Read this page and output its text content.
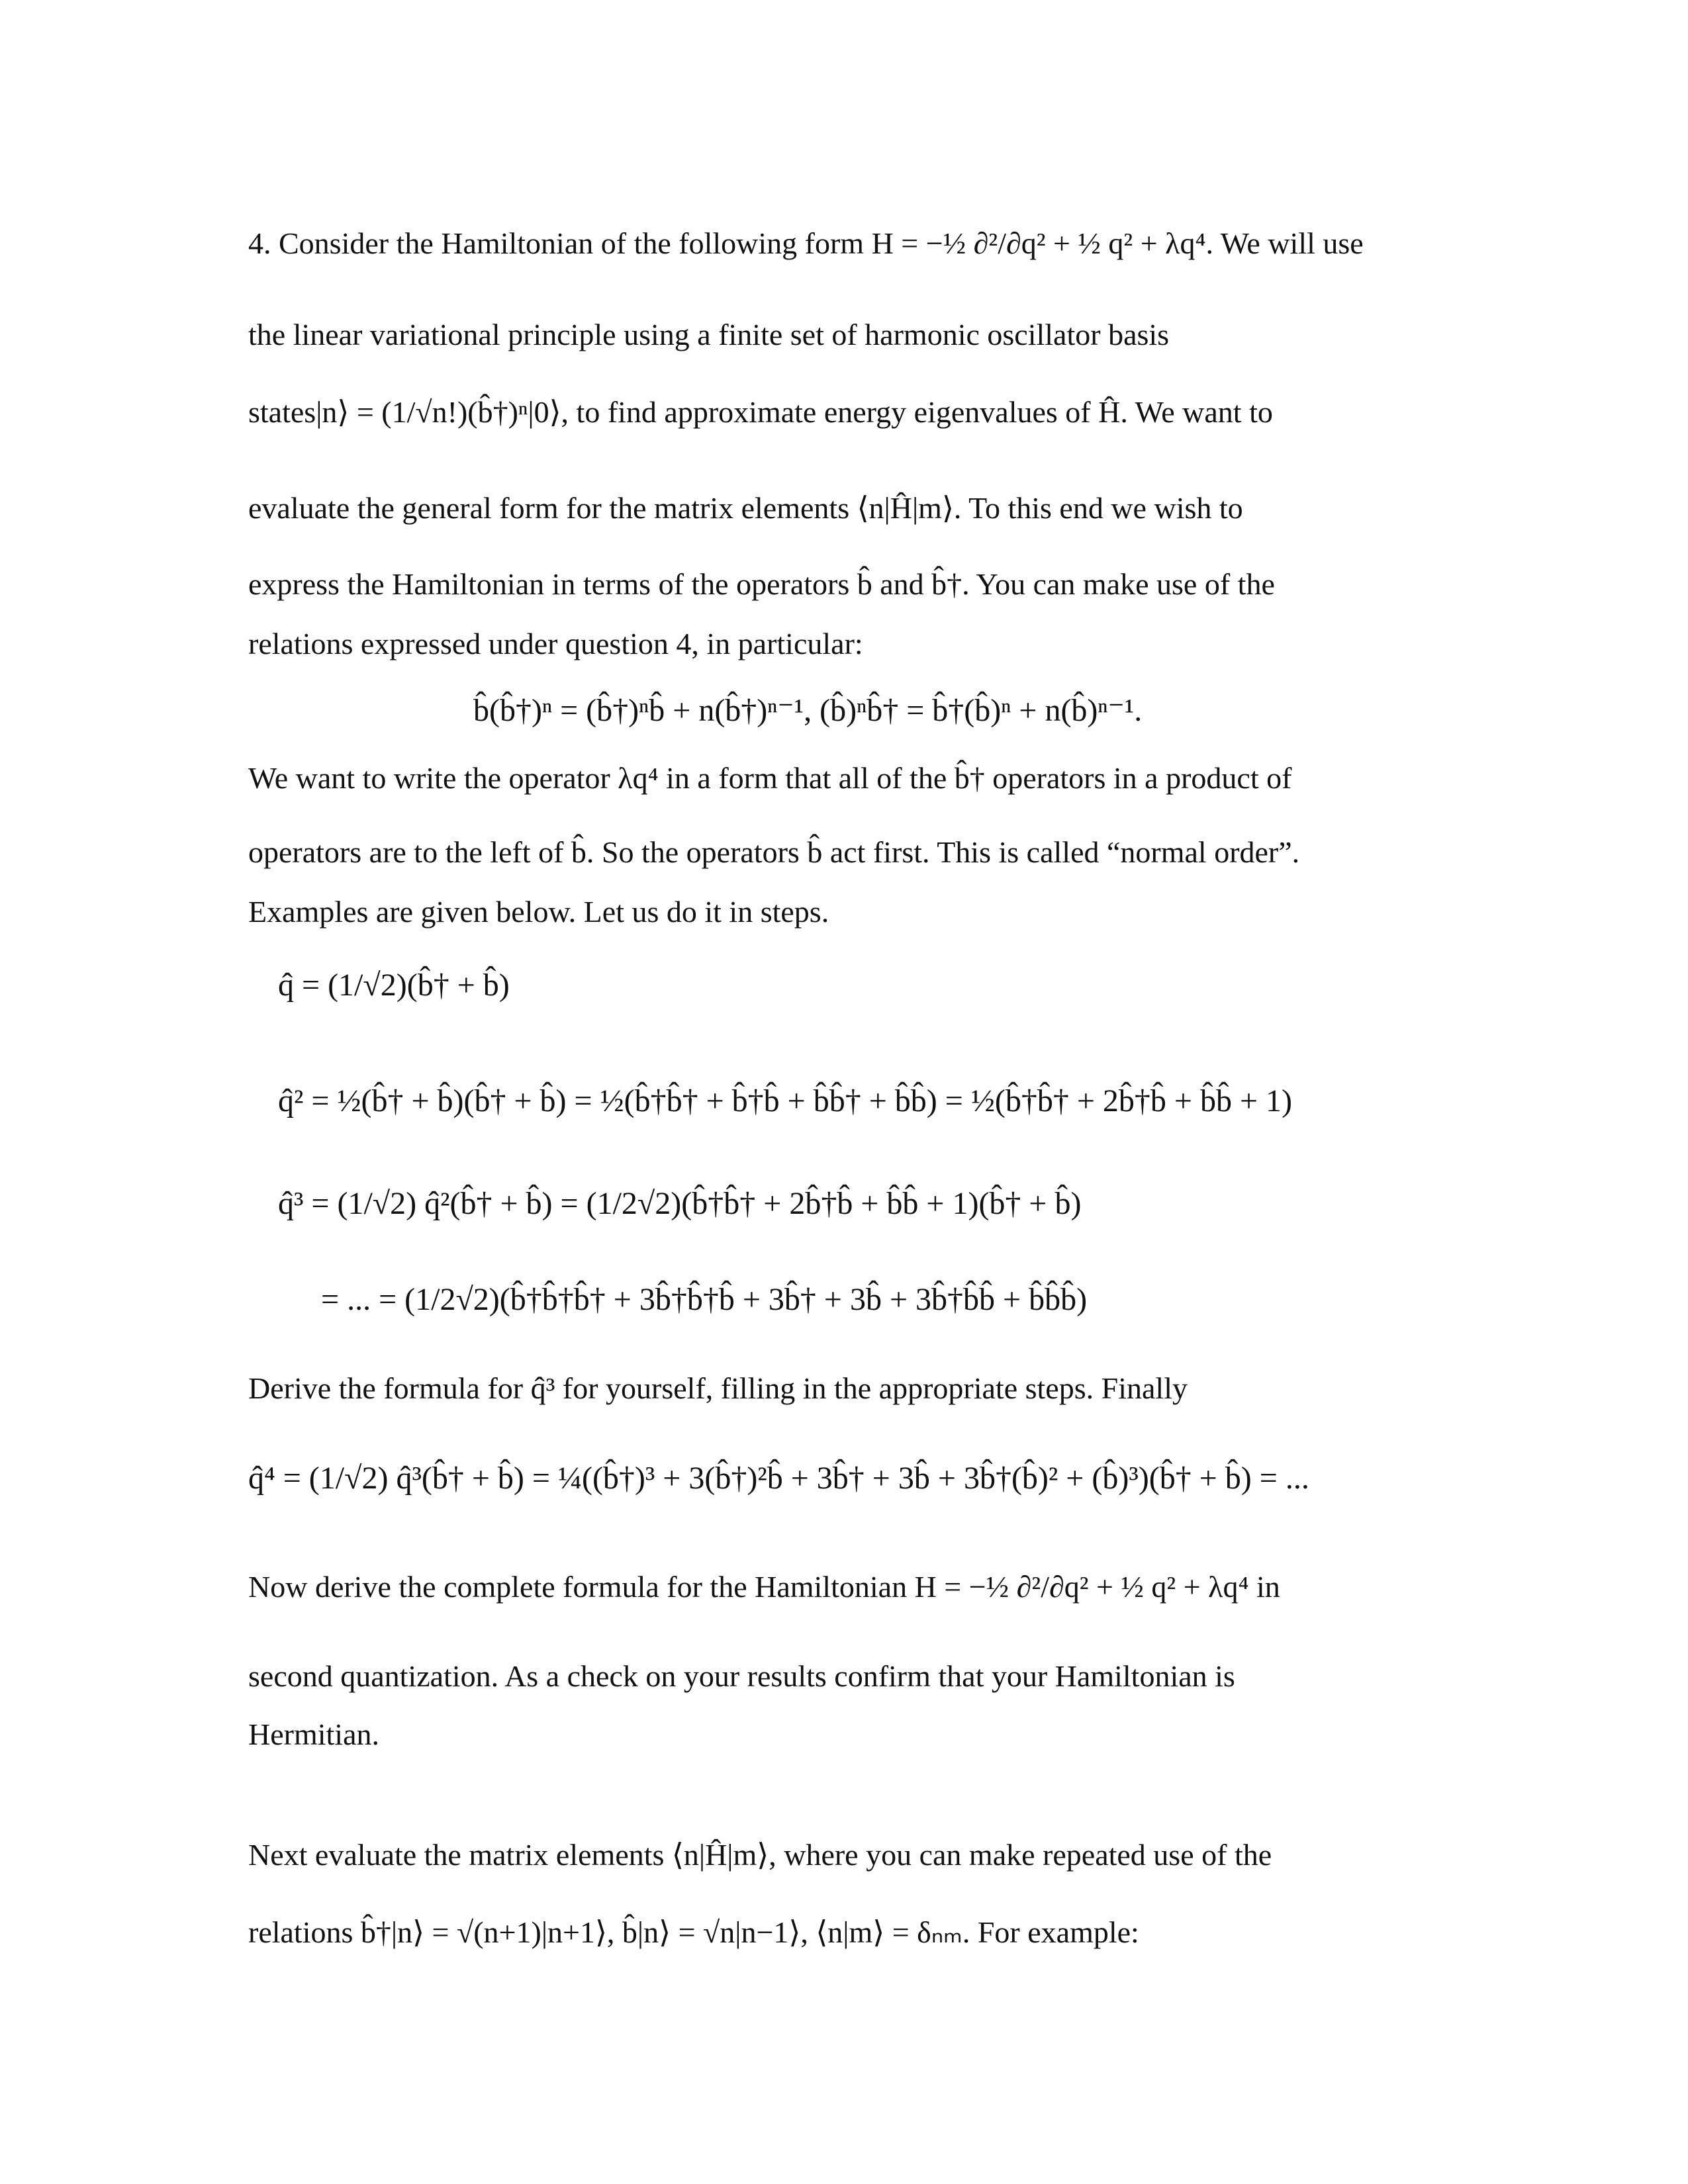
4. Consider the Hamiltonian of the following form H = −½ ∂²/∂q² + ½ q² + λq⁴. We will use
the linear variational principle using a finite set of harmonic oscillator basis
states|n⟩ = (1/√n!)(b̂†)ⁿ|0⟩, to find approximate energy eigenvalues of Ĥ. We want to
evaluate the general form for the matrix elements ⟨n|Ĥ|m⟩. To this end we wish to
express the Hamiltonian in terms of the operators b̂ and b̂†. You can make use of the
relations expressed under question 4, in particular:
b̂(b̂†)ⁿ = (b̂†)ⁿb̂ + n(b̂†)ⁿ⁻¹, (b̂)ⁿb̂† = b̂†(b̂)ⁿ + n(b̂)ⁿ⁻¹.
We want to write the operator λq⁴ in a form that all of the b̂† operators in a product of
operators are to the left of b̂. So the operators b̂ act first. This is called “normal order”.
Examples are given below. Let us do it in steps.
q̂ = (1/√2)(b̂† + b̂)
q̂² = ½(b̂† + b̂)(b̂† + b̂) = ½(b̂†b̂† + b̂†b̂ + b̂b̂† + b̂b̂) = ½(b̂†b̂† + 2b̂†b̂ + b̂b̂ + 1)
q̂³ = (1/√2) q̂²(b̂† + b̂) = (1/2√2)(b̂†b̂† + 2b̂†b̂ + b̂b̂ + 1)(b̂† + b̂)
= ... = (1/2√2)(b̂†b̂†b̂† + 3b̂†b̂†b̂ + 3b̂† + 3b̂ + 3b̂†b̂b̂ + b̂b̂b̂)
Derive the formula for q̂³ for yourself, filling in the appropriate steps. Finally
q̂⁴ = (1/√2) q̂³(b̂† + b̂) = ¼((b̂†)³ + 3(b̂†)²b̂ + 3b̂† + 3b̂ + 3b̂†(b̂)² + (b̂)³)(b̂† + b̂) = ...
Now derive the complete formula for the Hamiltonian H = −½ ∂²/∂q² + ½ q² + λq⁴ in
second quantization. As a check on your results confirm that your Hamiltonian is
Hermitian.
Next evaluate the matrix elements ⟨n|Ĥ|m⟩, where you can make repeated use of the
relations b̂†|n⟩ = √(n+1)|n+1⟩, b̂|n⟩ = √n|n−1⟩, ⟨n|m⟩ = δₙₘ. For example:
